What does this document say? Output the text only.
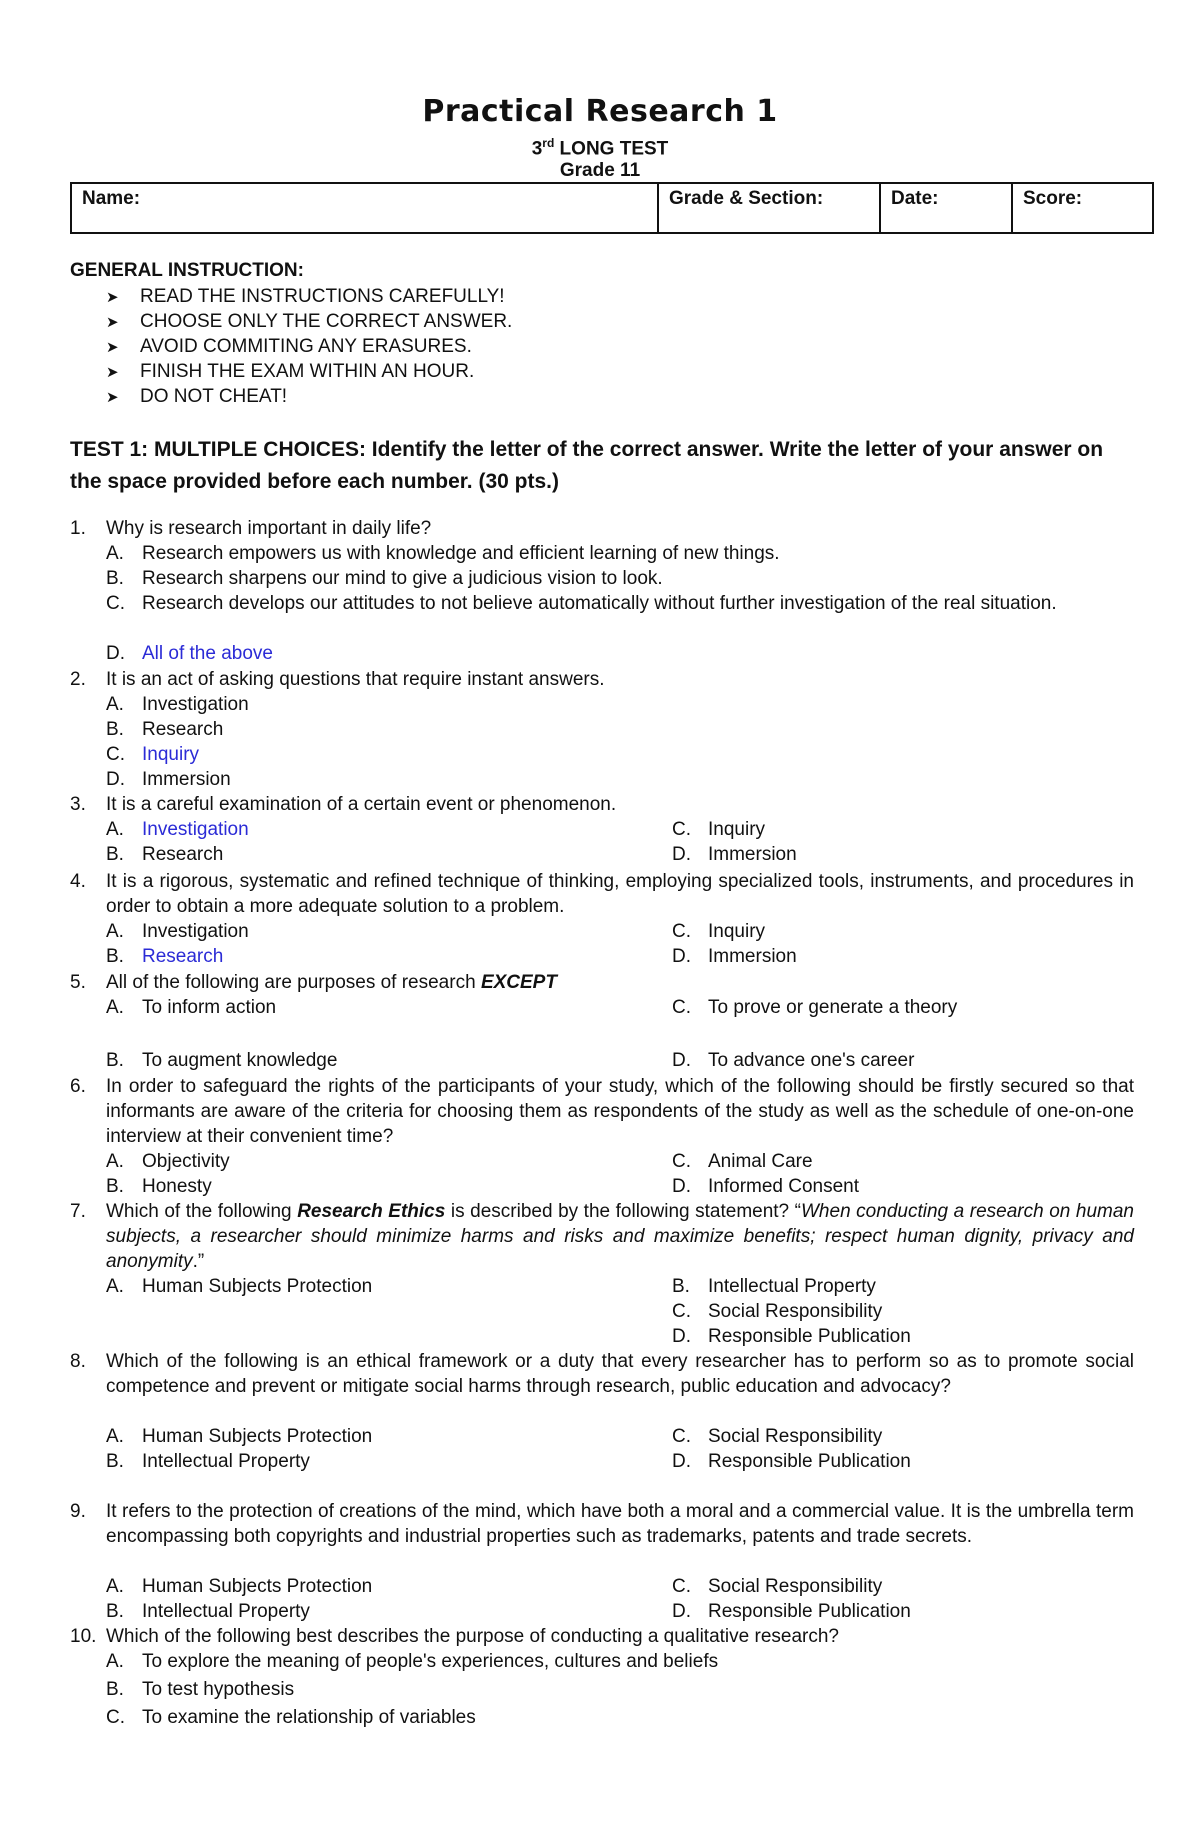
Practical Research 1
3rd LONG TEST
Grade 11
Name:	Grade & Section:	Date:	Score:
GENERAL INSTRUCTION:
➤ READ THE INSTRUCTIONS CAREFULLY!
➤ CHOOSE ONLY THE CORRECT ANSWER.
➤ AVOID COMMITING ANY ERASURES.
➤ FINISH THE EXAM WITHIN AN HOUR.
➤ DO NOT CHEAT!
TEST 1: MULTIPLE CHOICES: Identify the letter of the correct answer. Write the letter of your answer on the space provided before each number. (30 pts.)
1. Why is research important in daily life?
A. Research empowers us with knowledge and efficient learning of new things.
B. Research sharpens our mind to give a judicious vision to look.
C. Research develops our attitudes to not believe automatically without further investigation of the real situation.
D. All of the above
2. It is an act of asking questions that require instant answers.
A. Investigation
B. Research
C. Inquiry
D. Immersion
3. It is a careful examination of a certain event or phenomenon.
A. Investigation	C. Inquiry
B. Research	D. Immersion
4. It is a rigorous, systematic and refined technique of thinking, employing specialized tools, instruments, and procedures in order to obtain a more adequate solution to a problem.
A. Investigation	C. Inquiry
B. Research	D. Immersion
5. All of the following are purposes of research EXCEPT
A. To inform action	C. To prove or generate a theory
B. To augment knowledge	D. To advance one's career
6. In order to safeguard the rights of the participants of your study, which of the following should be firstly secured so that informants are aware of the criteria for choosing them as respondents of the study as well as the schedule of one-on-one interview at their convenient time?
A. Objectivity	C. Animal Care
B. Honesty	D. Informed Consent
7. Which of the following Research Ethics is described by the following statement? “When conducting a research on human subjects, a researcher should minimize harms and risks and maximize benefits; respect human dignity, privacy and anonymity.”
A. Human Subjects Protection	B. Intellectual Property
C. Social Responsibility
D. Responsible Publication
8. Which of the following is an ethical framework or a duty that every researcher has to perform so as to promote social competence and prevent or mitigate social harms through research, public education and advocacy?
A. Human Subjects Protection	C. Social Responsibility
B. Intellectual Property	D. Responsible Publication
9. It refers to the protection of creations of the mind, which have both a moral and a commercial value. It is the umbrella term encompassing both copyrights and industrial properties such as trademarks, patents and trade secrets.
A. Human Subjects Protection	C. Social Responsibility
B. Intellectual Property	D. Responsible Publication
10. Which of the following best describes the purpose of conducting a qualitative research?
A. To explore the meaning of people's experiences, cultures and beliefs
B. To test hypothesis
C. To examine the relationship of variables
